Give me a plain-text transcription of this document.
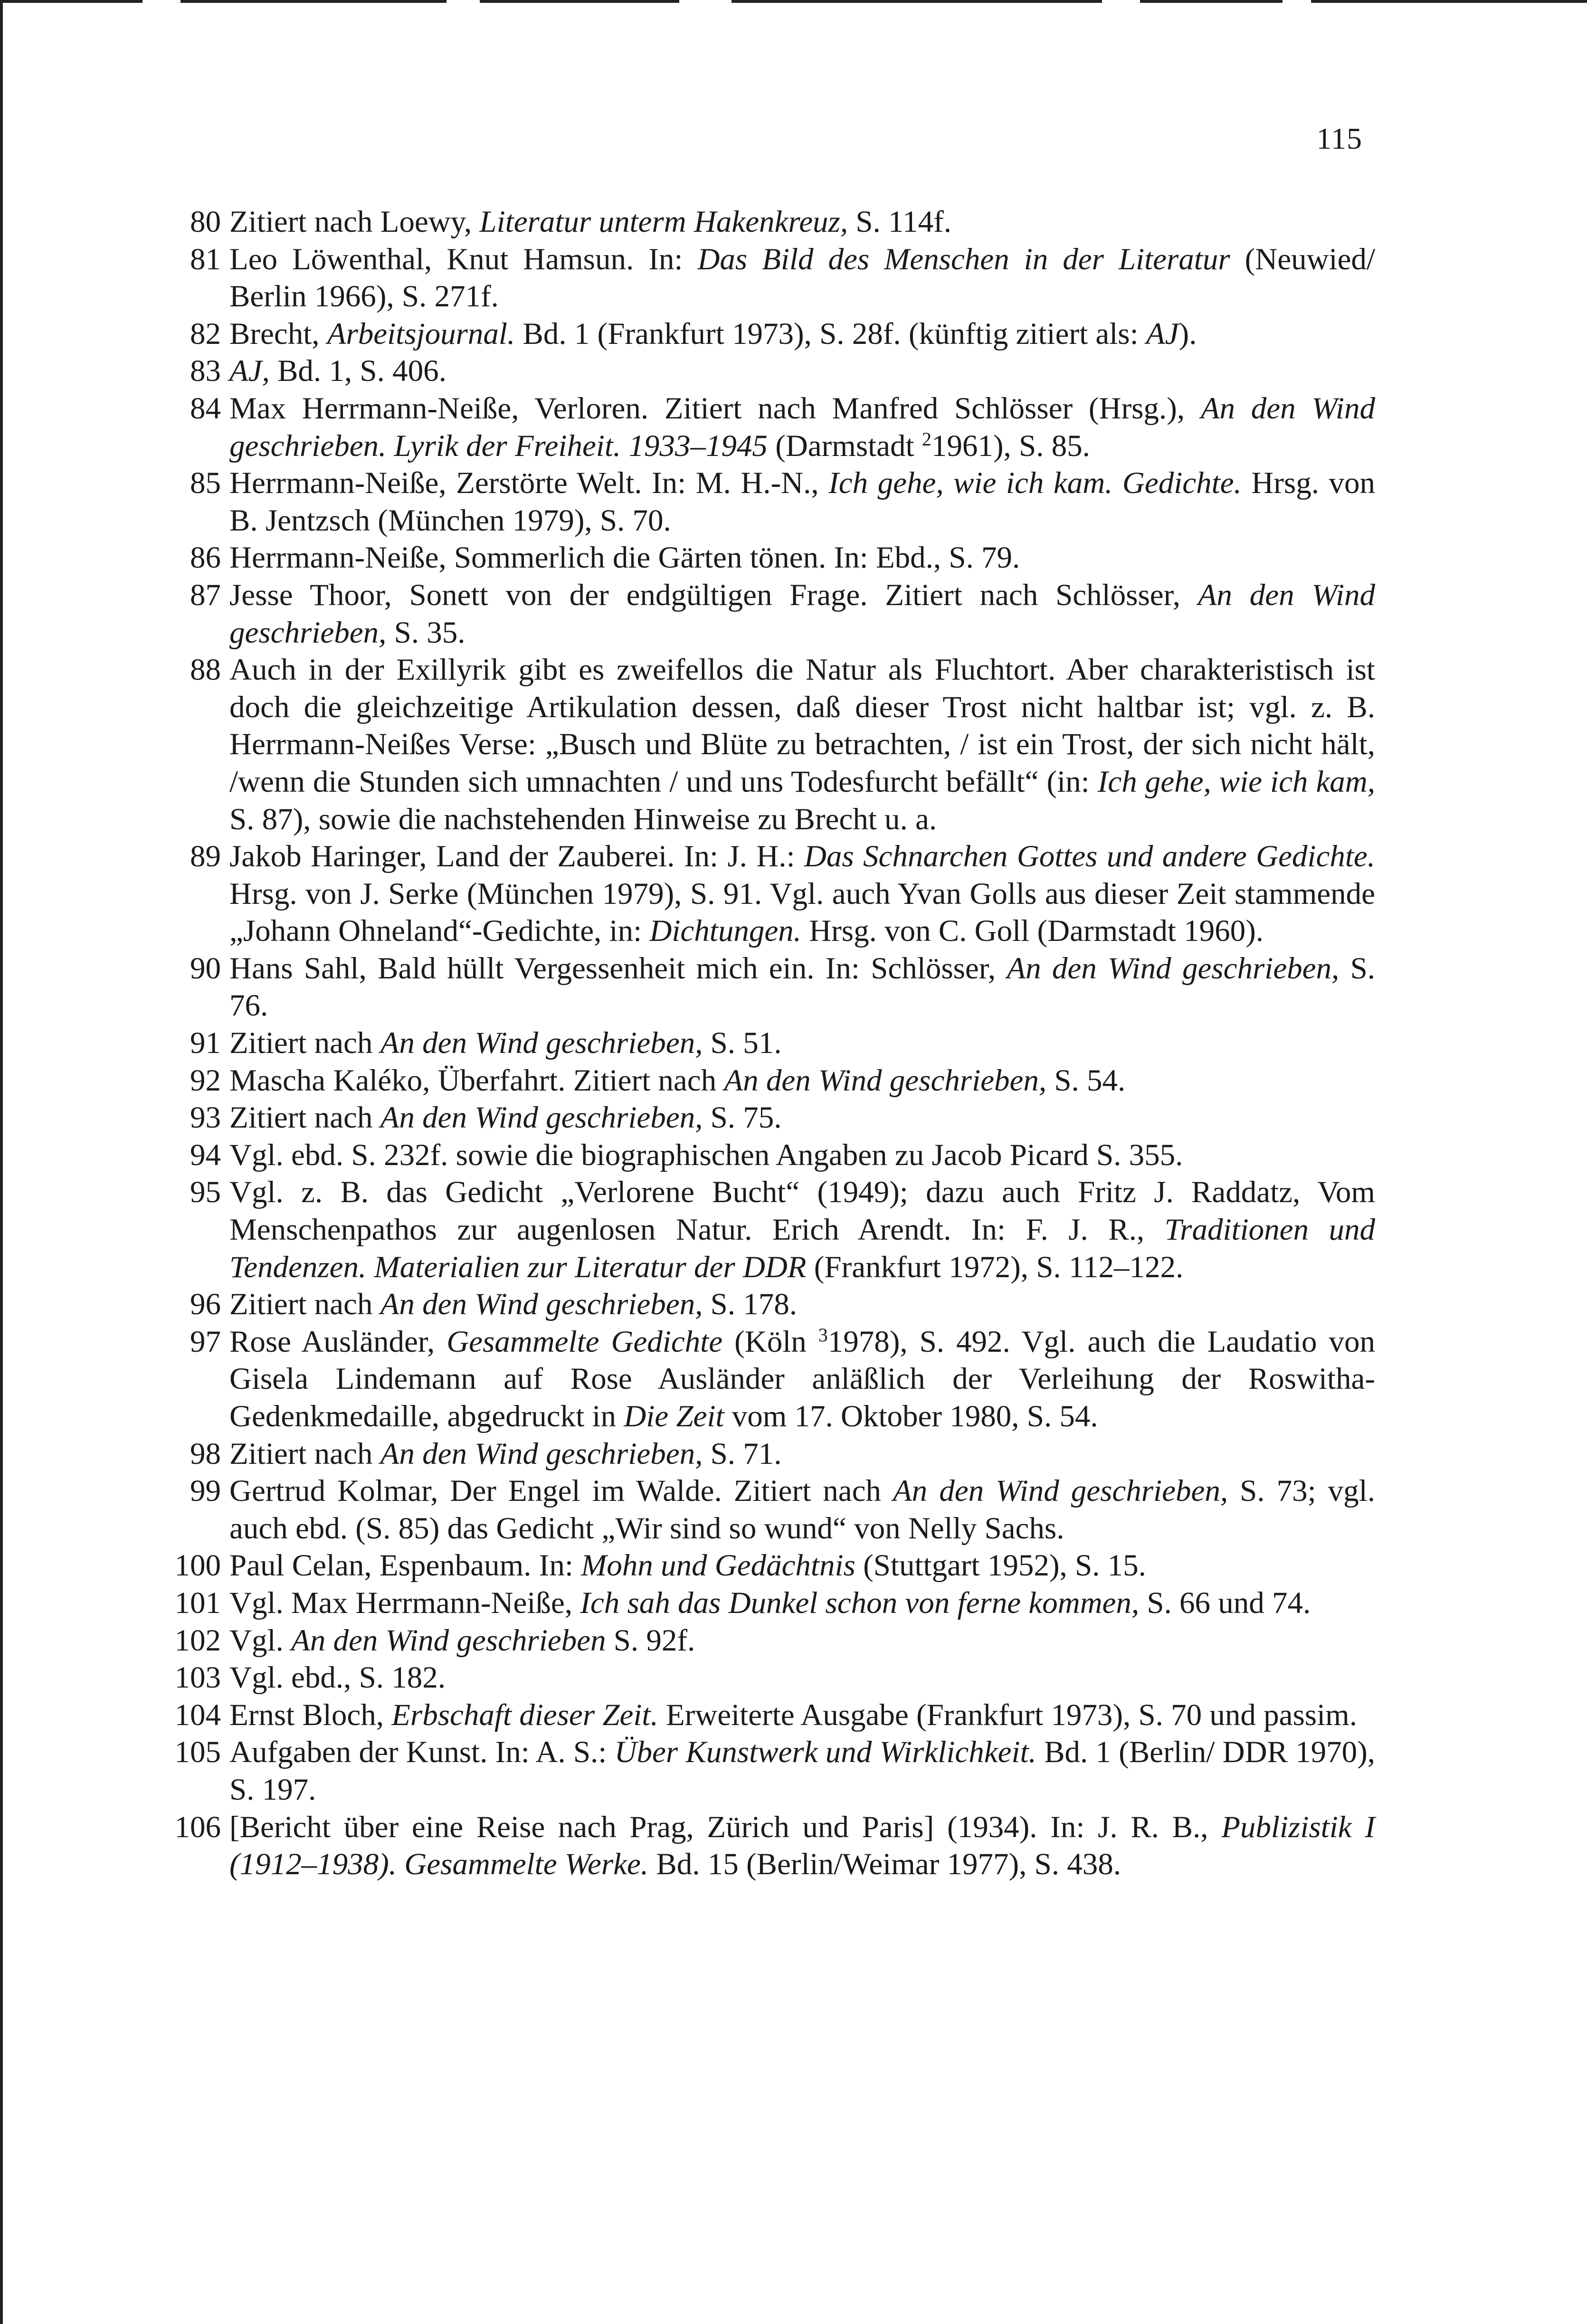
115
80 Zitiert nach Loewy, Literatur unterm Hakenkreuz, S. 114f.
81 Leo Löwenthal, Knut Hamsun. In: Das Bild des Menschen in der Literatur (Neuwied/ Berlin 1966), S. 271f.
82 Brecht, Arbeitsjournal. Bd. 1 (Frankfurt 1973), S. 28f. (künftig zitiert als: AJ).
83 AJ, Bd. 1, S. 406.
84 Max Herrmann-Neiße, Verloren. Zitiert nach Manfred Schlösser (Hrsg.), An den Wind geschrieben. Lyrik der Freiheit. 1933–1945 (Darmstadt $^2$1961), S. 85.
85 Herrmann-Neiße, Zerstörte Welt. In: M. H.-N., Ich gehe, wie ich kam. Gedichte. Hrsg. von B. Jentzsch (München 1979), S. 70.
86 Herrmann-Neiße, Sommerlich die Gärten tönen. In: Ebd., S. 79.
87 Jesse Thoor, Sonett von der endgültigen Frage. Zitiert nach Schlösser, An den Wind geschrieben, S. 35.
88 Auch in der Exillyrik gibt es zweifellos die Natur als Fluchtort. Aber charakteristisch ist doch die gleichzeitige Artikulation dessen, daß dieser Trost nicht haltbar ist; vgl. z. B. Herrmann-Neißes Verse: „Busch und Blüte zu betrachten, / ist ein Trost, der sich nicht hält, /wenn die Stunden sich umnachten / und uns Todesfurcht befällt“ (in: Ich gehe, wie ich kam, S. 87), sowie die nachstehenden Hinweise zu Brecht u. a.
89 Jakob Haringer, Land der Zauberei. In: J. H.: Das Schnarchen Gottes und andere Gedichte. Hrsg. von J. Serke (München 1979), S. 91. Vgl. auch Yvan Golls aus dieser Zeit stammende „Johann Ohneland“-Gedichte, in: Dichtungen. Hrsg. von C. Goll (Darmstadt 1960).
90 Hans Sahl, Bald hüllt Vergessenheit mich ein. In: Schlösser, An den Wind geschrieben, S. 76.
91 Zitiert nach An den Wind geschrieben, S. 51.
92 Mascha Kaléko, Überfahrt. Zitiert nach An den Wind geschrieben, S. 54.
93 Zitiert nach An den Wind geschrieben, S. 75.
94 Vgl. ebd. S. 232f. sowie die biographischen Angaben zu Jacob Picard S. 355.
95 Vgl. z. B. das Gedicht „Verlorene Bucht“ (1949); dazu auch Fritz J. Raddatz, Vom Menschenpathos zur augenlosen Natur. Erich Arendt. In: F. J. R., Traditionen und Tendenzen. Materialien zur Literatur der DDR (Frankfurt 1972), S. 112–122.
96 Zitiert nach An den Wind geschrieben, S. 178.
97 Rose Ausländer, Gesammelte Gedichte (Köln $^3$1978), S. 492. Vgl. auch die Laudatio von Gisela Lindemann auf Rose Ausländer anläßlich der Verleihung der Roswitha-Gedenkmedaille, abgedruckt in Die Zeit vom 17. Oktober 1980, S. 54.
98 Zitiert nach An den Wind geschrieben, S. 71.
99 Gertrud Kolmar, Der Engel im Walde. Zitiert nach An den Wind geschrieben, S. 73; vgl. auch ebd. (S. 85) das Gedicht „Wir sind so wund“ von Nelly Sachs.
100 Paul Celan, Espenbaum. In: Mohn und Gedächtnis (Stuttgart 1952), S. 15.
101 Vgl. Max Herrmann-Neiße, Ich sah das Dunkel schon von ferne kommen, S. 66 und 74.
102 Vgl. An den Wind geschrieben S. 92f.
103 Vgl. ebd., S. 182.
104 Ernst Bloch, Erbschaft dieser Zeit. Erweiterte Ausgabe (Frankfurt 1973), S. 70 und passim.
105 Aufgaben der Kunst. In: A. S.: Über Kunstwerk und Wirklichkeit. Bd. 1 (Berlin/ DDR 1970), S. 197.
106 [Bericht über eine Reise nach Prag, Zürich und Paris] (1934). In: J. R. B., Publizistik I (1912–1938). Gesammelte Werke. Bd. 15 (Berlin/Weimar 1977), S. 438.
